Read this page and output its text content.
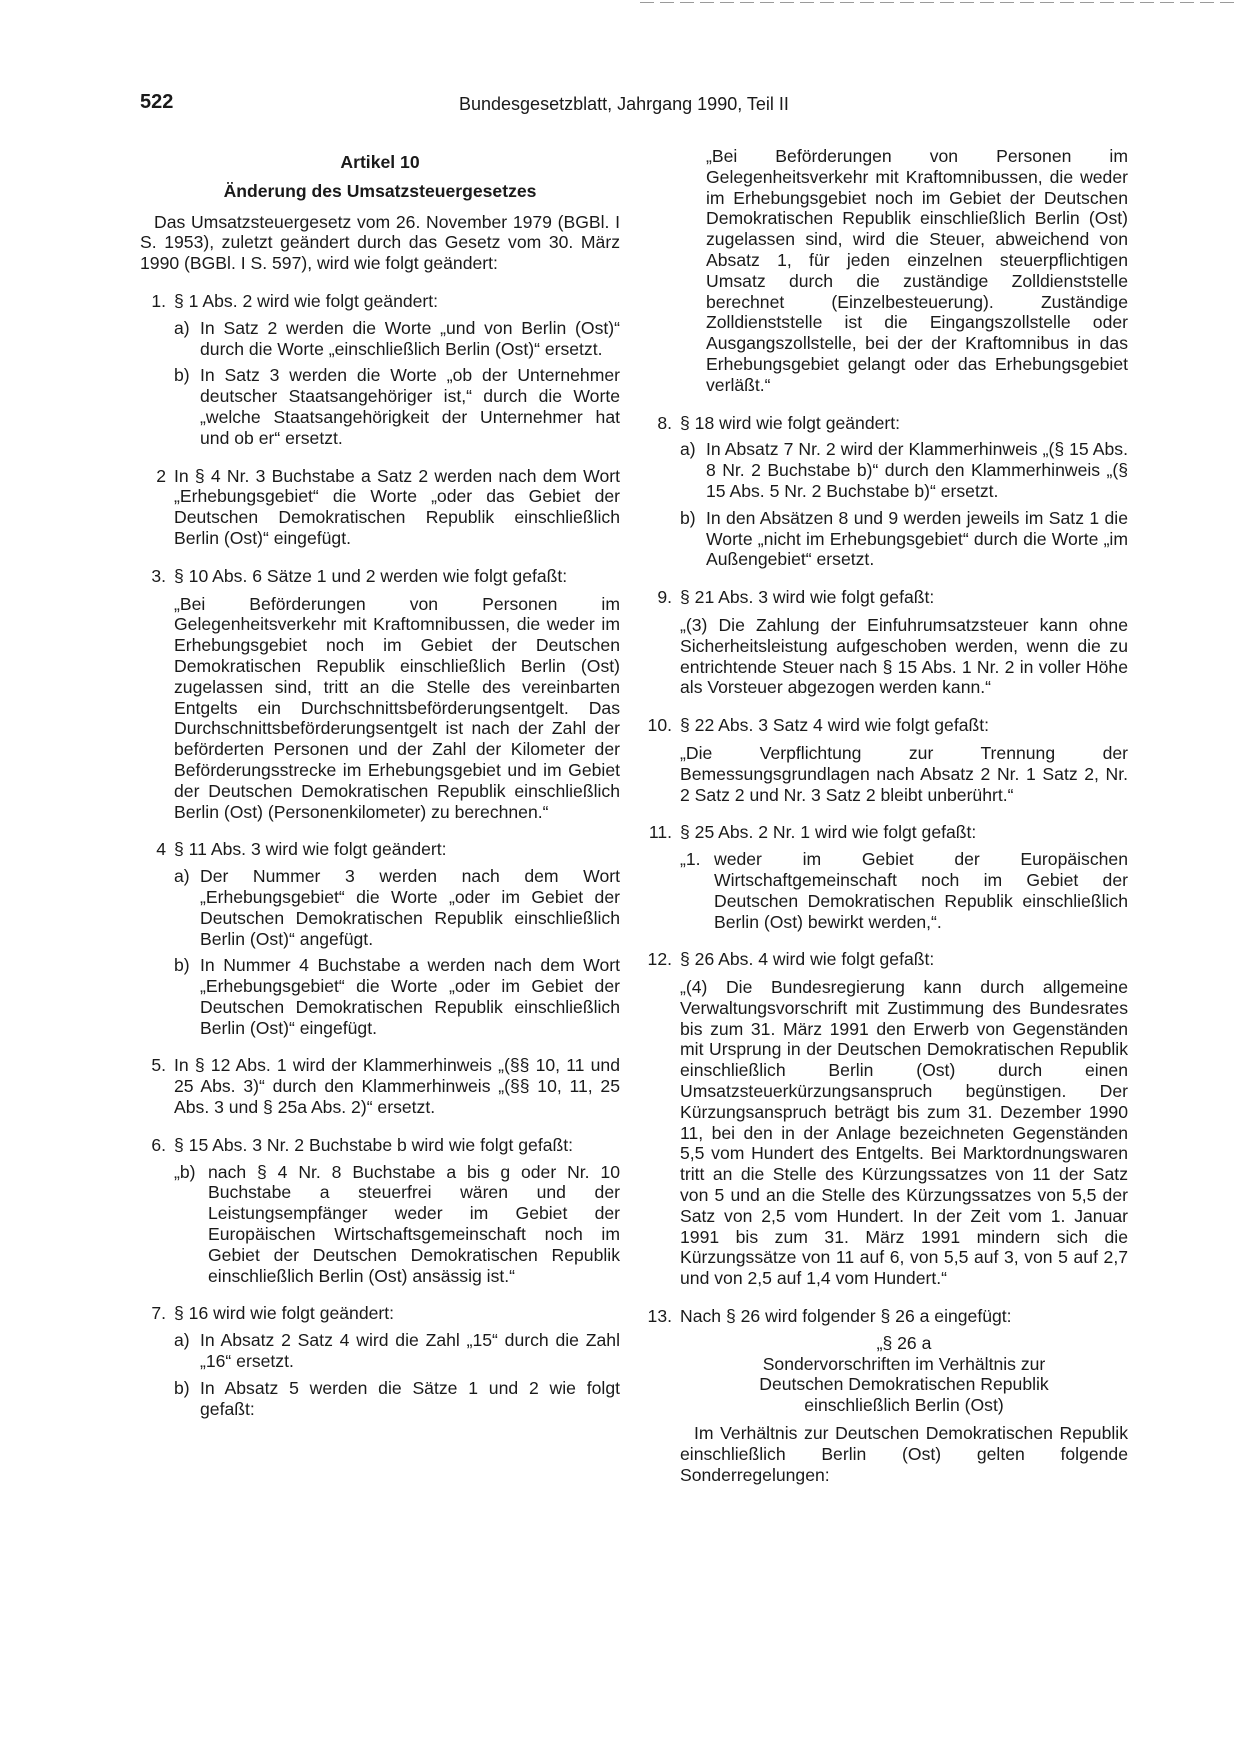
522	Bundesgesetzblatt, Jahrgang 1990, Teil II
Artikel 10
Änderung des Umsatzsteuergesetzes

Das Umsatzsteuergesetz vom 26. November 1979 (BGBl. I S. 1953), zuletzt geändert durch das Gesetz vom 30. März 1990 (BGBl. I S. 597), wird wie folgt geändert:

1. § 1 Abs. 2 wird wie folgt geändert:

a) In Satz 2 werden die Worte „und von Berlin (Ost)“ durch die Worte „einschließlich Berlin (Ost)“ ersetzt.
b) In Satz 3 werden die Worte „ob der Unternehmer deutscher Staatsangehöriger ist,“ durch die Worte „welche Staatsangehörigkeit der Unternehmer hat und ob er“ ersetzt.
2 In § 4 Nr. 3 Buchstabe a Satz 2 werden nach dem Wort „Erhebungsgebiet“ die Worte „oder das Gebiet der Deutschen Demokratischen Republik einschließlich Berlin (Ost)“ eingefügt.

3. § 10 Abs. 6 Sätze 1 und 2 werden wie folgt gefaßt:

„Bei Beförderungen von Personen im Gelegenheitsverkehr mit Kraftomnibussen, die weder im Erhebungsgebiet noch im Gebiet der Deutschen Demokratischen Republik einschließlich Berlin (Ost) zugelassen sind, tritt an die Stelle des vereinbarten Entgelts ein Durchschnittsbeförderungsentgelt. Das Durchschnittsbeförderungsentgelt ist nach der Zahl der beförderten Personen und der Zahl der Kilometer der Beförderungsstrecke im Erhebungsgebiet und im Gebiet der Deutschen Demokratischen Republik einschließlich Berlin (Ost) (Personenkilometer) zu berechnen.“

4 § 11 Abs. 3 wird wie folgt geändert:

a) Der Nummer 3 werden nach dem Wort „Erhebungsgebiet“ die Worte „oder im Gebiet der Deutschen Demokratischen Republik einschließlich Berlin (Ost)“ angefügt.
b) In Nummer 4 Buchstabe a werden nach dem Wort „Erhebungsgebiet“ die Worte „oder im Gebiet der Deutschen Demokratischen Republik einschließlich Berlin (Ost)“ eingefügt.
5. In § 12 Abs. 1 wird der Klammerhinweis „(§§ 10, 11 und 25 Abs. 3)“ durch den Klammerhinweis „(§§ 10, 11, 25 Abs. 3 und § 25a Abs. 2)“ ersetzt.

6. § 15 Abs. 3 Nr. 2 Buchstabe b wird wie folgt gefaßt:

„b) nach § 4 Nr. 8 Buchstabe a bis g oder Nr. 10 Buchstabe a steuerfrei wären und der Leistungsempfänger weder im Gebiet der Europäischen Wirtschaftsgemeinschaft noch im Gebiet der Deutschen Demokratischen Republik einschließlich Berlin (Ost) ansässig ist.“
7. § 16 wird wie folgt geändert:

a) In Absatz 2 Satz 4 wird die Zahl „15“ durch die Zahl „16“ ersetzt.
b) In Absatz 5 werden die Sätze 1 und 2 wie folgt gefaßt:

„Bei Beförderungen von Personen im Gelegenheitsverkehr mit Kraftomnibussen, die weder im Erhebungsgebiet noch im Gebiet der Deutschen Demokratischen Republik einschließlich Berlin (Ost) zugelassen sind, wird die Steuer, abweichend von Absatz 1, für jeden einzelnen steuerpflichtigen Umsatz durch die zuständige Zolldienststelle berechnet (Einzelbesteuerung). Zuständige Zolldienststelle ist die Eingangszollstelle oder Ausgangszollstelle, bei der der Kraftomnibus in das Erhebungsgebiet gelangt oder das Erhebungsgebiet verläßt.“

8. § 18 wird wie folgt geändert:

a) In Absatz 7 Nr. 2 wird der Klammerhinweis „(§ 15 Abs. 8 Nr. 2 Buchstabe b)“ durch den Klammerhinweis „(§ 15 Abs. 5 Nr. 2 Buchstabe b)“ ersetzt.
b) In den Absätzen 8 und 9 werden jeweils im Satz 1 die Worte „nicht im Erhebungsgebiet“ durch die Worte „im Außengebiet“ ersetzt.
9. § 21 Abs. 3 wird wie folgt gefaßt:

„(3) Die Zahlung der Einfuhrumsatzsteuer kann ohne Sicherheitsleistung aufgeschoben werden, wenn die zu entrichtende Steuer nach § 15 Abs. 1 Nr. 2 in voller Höhe als Vorsteuer abgezogen werden kann.“

10. § 22 Abs. 3 Satz 4 wird wie folgt gefaßt:

„Die Verpflichtung zur Trennung der Bemessungsgrundlagen nach Absatz 2 Nr. 1 Satz 2, Nr. 2 Satz 2 und Nr. 3 Satz 2 bleibt unberührt.“

11. § 25 Abs. 2 Nr. 1 wird wie folgt gefaßt:

„1. weder im Gebiet der Europäischen Wirtschaftgemeinschaft noch im Gebiet der Deutschen Demokratischen Republik einschließlich Berlin (Ost) bewirkt werden,“.
12. § 26 Abs. 4 wird wie folgt gefaßt:

„(4) Die Bundesregierung kann durch allgemeine Verwaltungsvorschrift mit Zustimmung des Bundesrates bis zum 31. März 1991 den Erwerb von Gegenständen mit Ursprung in der Deutschen Demokratischen Republik einschließlich Berlin (Ost) durch einen Umsatzsteuerkürzungsanspruch begünstigen. Der Kürzungsanspruch beträgt bis zum 31. Dezember 1990 11, bei den in der Anlage bezeichneten Gegenständen 5,5 vom Hundert des Entgelts. Bei Marktordnungswaren tritt an die Stelle des Kürzungssatzes von 11 der Satz von 5 und an die Stelle des Kürzungssatzes von 5,5 der Satz von 2,5 vom Hundert. In der Zeit vom 1. Januar 1991 bis zum 31. März 1991 mindern sich die Kürzungssätze von 11 auf 6, von 5,5 auf 3, von 5 auf 2,7 und von 2,5 auf 1,4 vom Hundert.“

13. Nach § 26 wird folgender § 26 a eingefügt:

„§ 26 a

Sondervorschriften im Verhältnis zur

Deutschen Demokratischen Republik

einschließlich Berlin (Ost)

Im Verhältnis zur Deutschen Demokratischen Republik einschließlich Berlin (Ost) gelten folgende Sonderregelungen:
